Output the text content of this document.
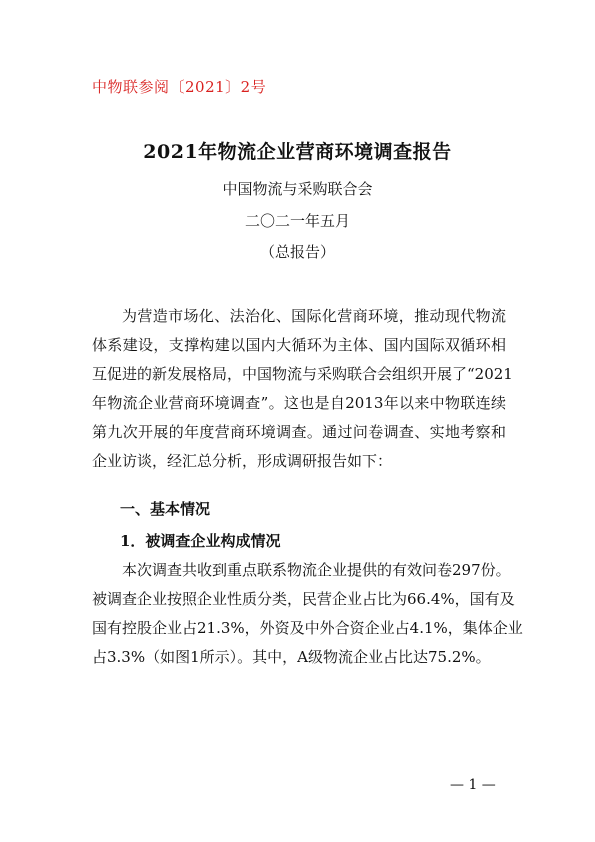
中物联参阅〔2021〕2号
2021年物流企业营商环境调查报告
中国物流与采购联合会
二〇二一年五月
（总报告）

为营造市场化、法治化、国际化营商环境，推动现代物流
体系建设，支撑构建以国内大循环为主体、国内国际双循环相
互促进的新发展格局，中国物流与采购联合会组织开展了“2021
年物流企业营商环境调查”。这也是自2013年以来中物联连续
第九次开展的年度营商环境调查。通过问卷调查、实地考察和
企业访谈，经汇总分析，形成调研报告如下：

一、基本情况
1．被调查企业构成情况

本次调查共收到重点联系物流企业提供的有效问卷297份。
被调查企业按照企业性质分类，民营企业占比为66.4%，国有及
国有控股企业占21.3%，外资及中外合资企业占4.1%，集体企业
占3.3%（如图1所示）。其中，A级物流企业占比达75.2%。

— 1 —
